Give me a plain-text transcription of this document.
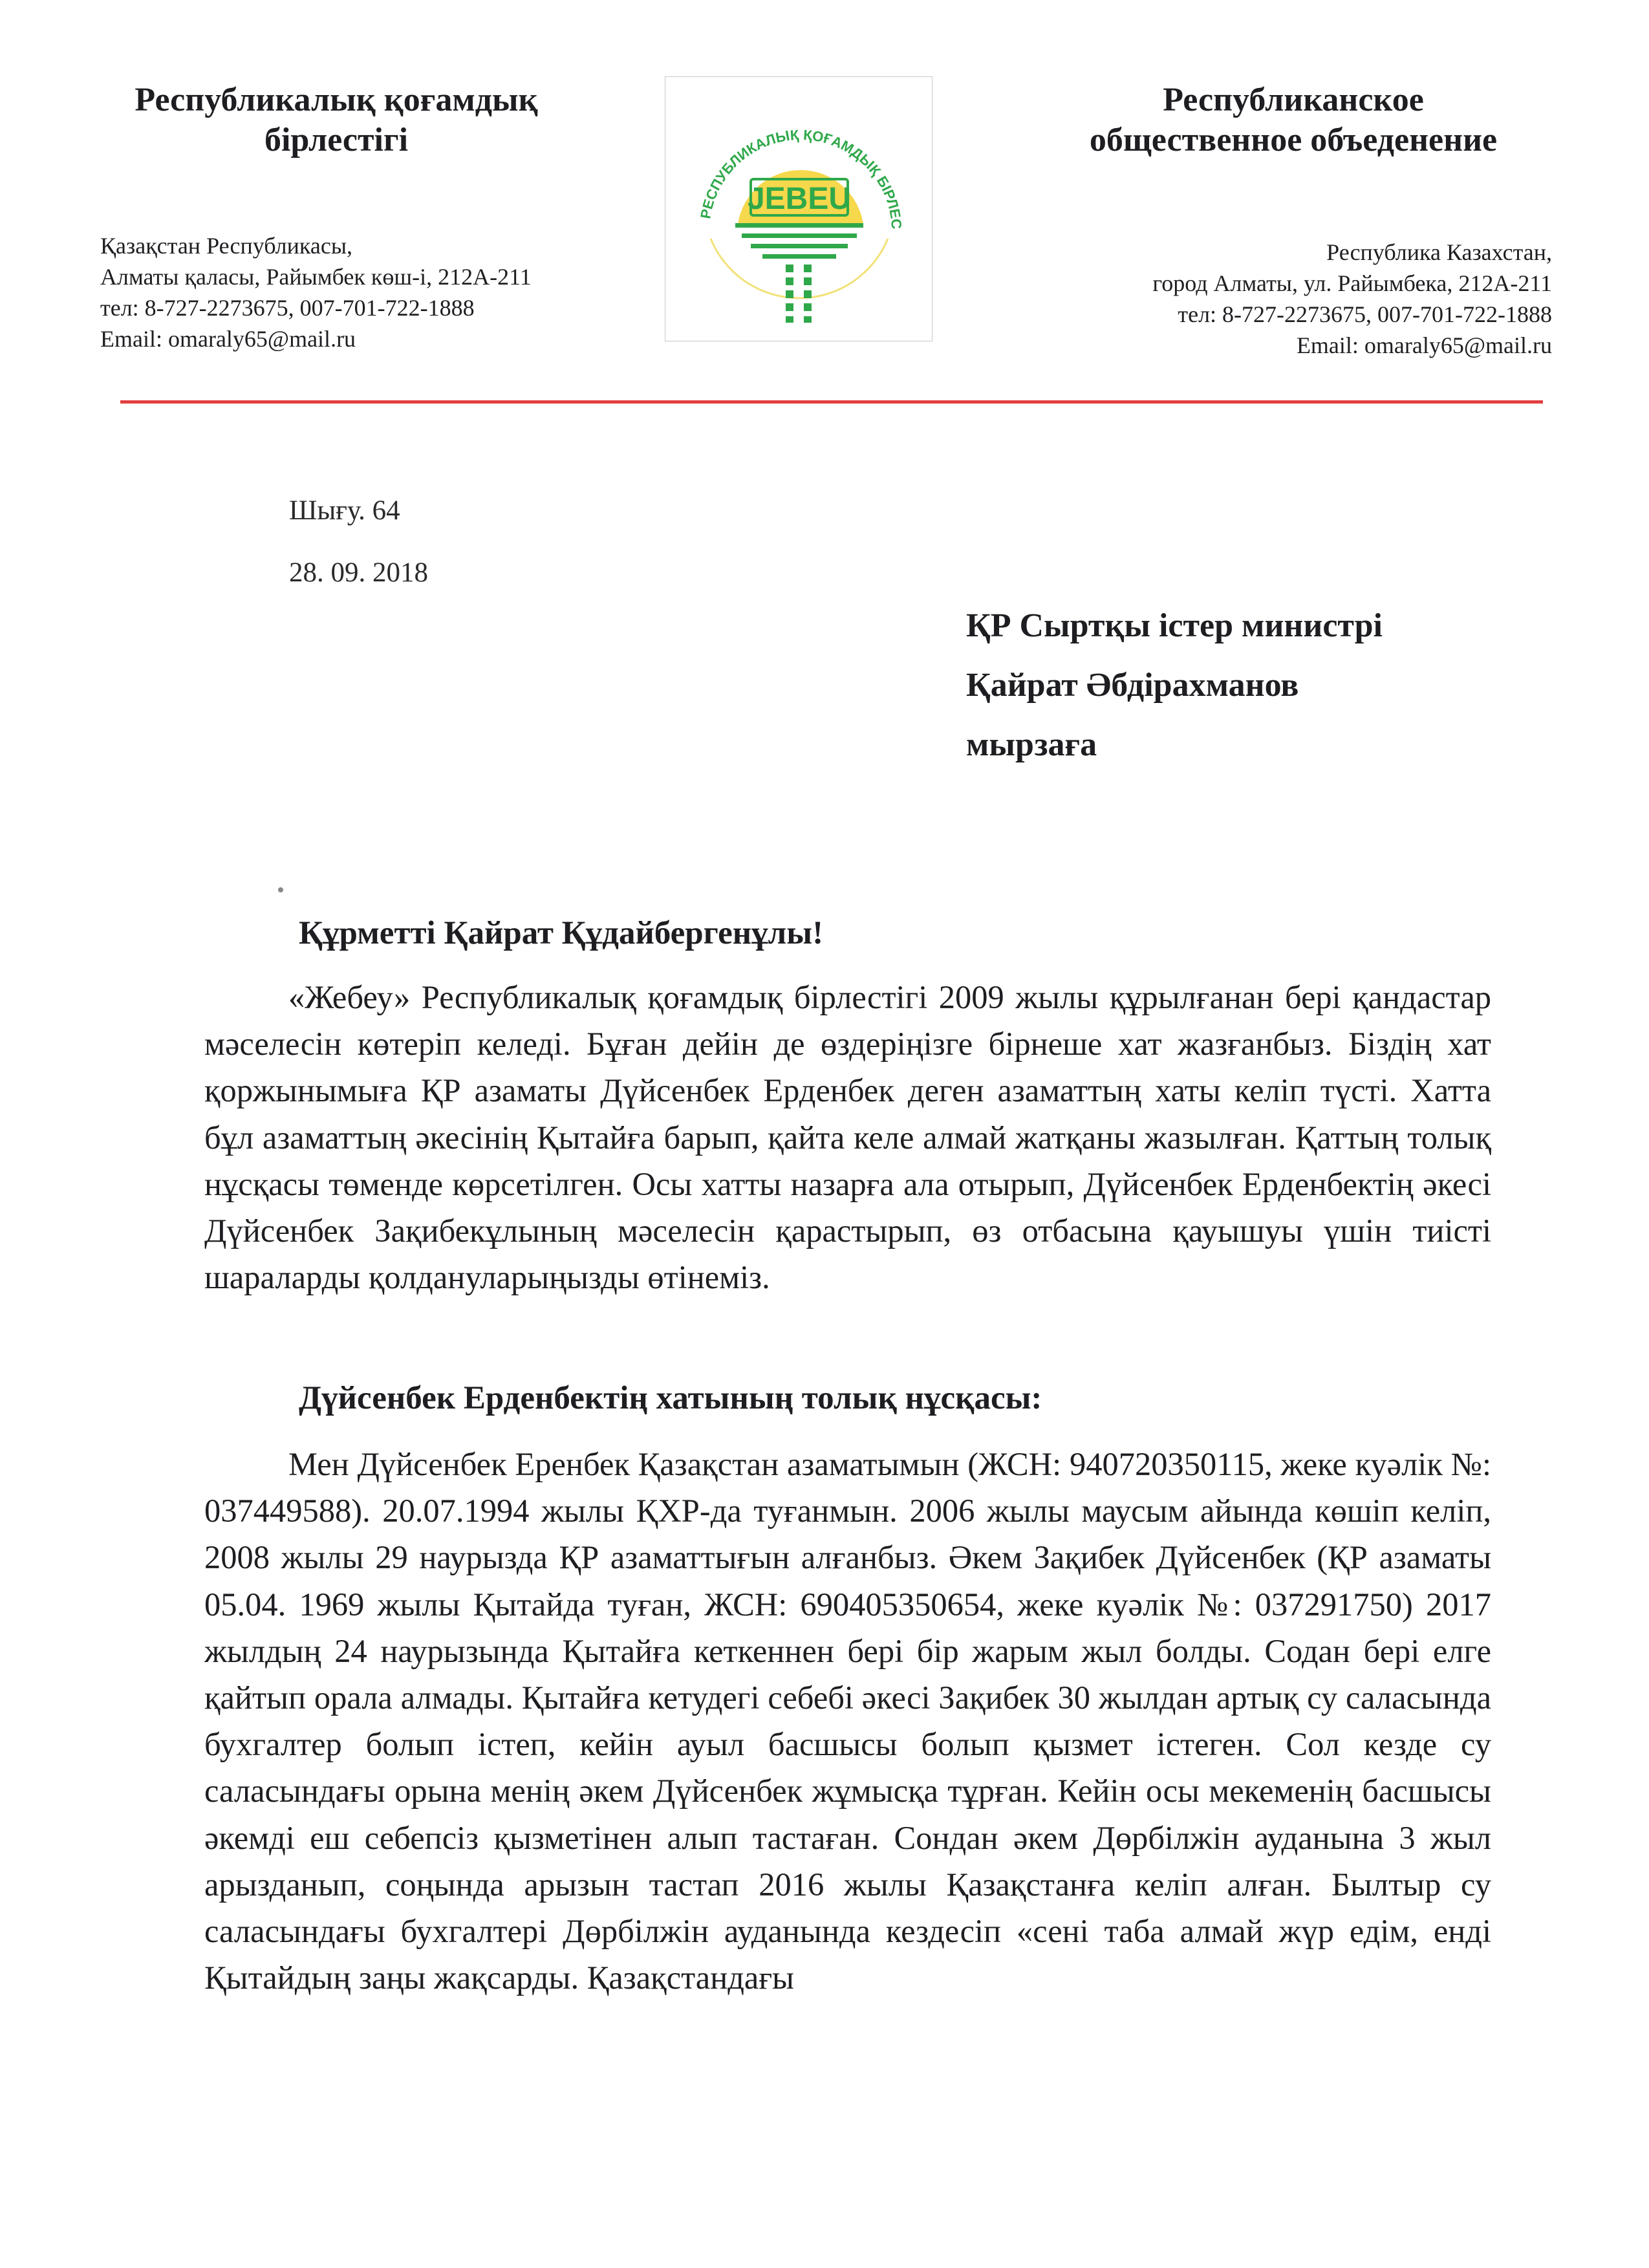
Республикалық қоғамдық
бірлестігі
Қазақстан Республикасы,
Алматы қаласы, Райымбек көш-і, 212А-211
тел: 8-727-2273675, 007-701-722-1888
Email: omaraly65@mail.ru
РЕСПУБЛИКАЛЫҚ ҚОҒАМДЫҚ БІРЛЕС
JEBEU
Республиканское
общественное объеденение
Республика Казахстан,
город Алматы, ул. Райымбека, 212А-211
тел: 8-727-2273675, 007-701-722-1888
Email: omaraly65@mail.ru
Шығу. 64
28. 09. 2018
ҚР Сыртқы істер министрі
Қайрат Әбдірахманов
мырзаға
Құрметті Қайрат Құдайбергенұлы!

«Жебеу» Республикалық қоғамдық бірлестігі 2009 жылы құрылғанан бері қандастар мәселесін көтеріп келеді. Бұған дейін де өздеріңізге бірнеше хат жазғанбыз. Біздің хат қоржынымыға ҚР азаматы Дүйсенбек Ерденбек деген азаматтың хаты келіп түсті. Хатта бұл азаматтың әкесінің Қытайға барып, қайта келе алмай жатқаны жазылған. Қаттың толық нұсқасы төменде көрсетілген. Осы хатты назарға ала отырып, Дүйсенбек Ерденбектің әкесі Дүйсенбек Зақибекұлының мәселесін қарастырып, өз отбасына қауышуы үшін тиісті шараларды қолдануларыңызды өтінеміз.

Дүйсенбек Ерденбектің хатының толық нұсқасы:

Мен Дүйсенбек Еренбек Қазақстан азаматымын (ЖСН: 940720350115, жеке куәлік №: 037449588). 20.07.1994 жылы ҚХР-да туғанмын. 2006 жылы маусым айында көшіп келіп, 2008 жылы 29 наурызда ҚР азаматтығын алғанбыз. Әкем Зақибек Дүйсенбек (ҚР азаматы 05.04. 1969 жылы Қытайда туған, ЖСН: 690405350654, жеке куәлік №: 037291750) 2017 жылдың 24 наурызында Қытайға кеткеннен бері бір жарым жыл болды. Содан бері елге қайтып орала алмады. Қытайға кетудегі себебі әкесі Зақибек 30 жылдан артық су саласында бухгалтер болып істеп, кейін ауыл басшысы болып қызмет істеген. Сол кезде су саласындағы орына менің әкем Дүйсенбек жұмысқа тұрған. Кейін осы мекеменің басшысы әкемді еш себепсіз қызметінен алып тастаған. Сондан әкем Дөрбілжін ауданына 3 жыл арызданып, соңында арызын тастап 2016 жылы Қазақстанға келіп алған. Былтыр су саласындағы бухгалтері Дөрбілжін ауданында кездесіп «сені таба алмай жүр едім, енді Қытайдың заңы жақсарды. Қазақстандағы
